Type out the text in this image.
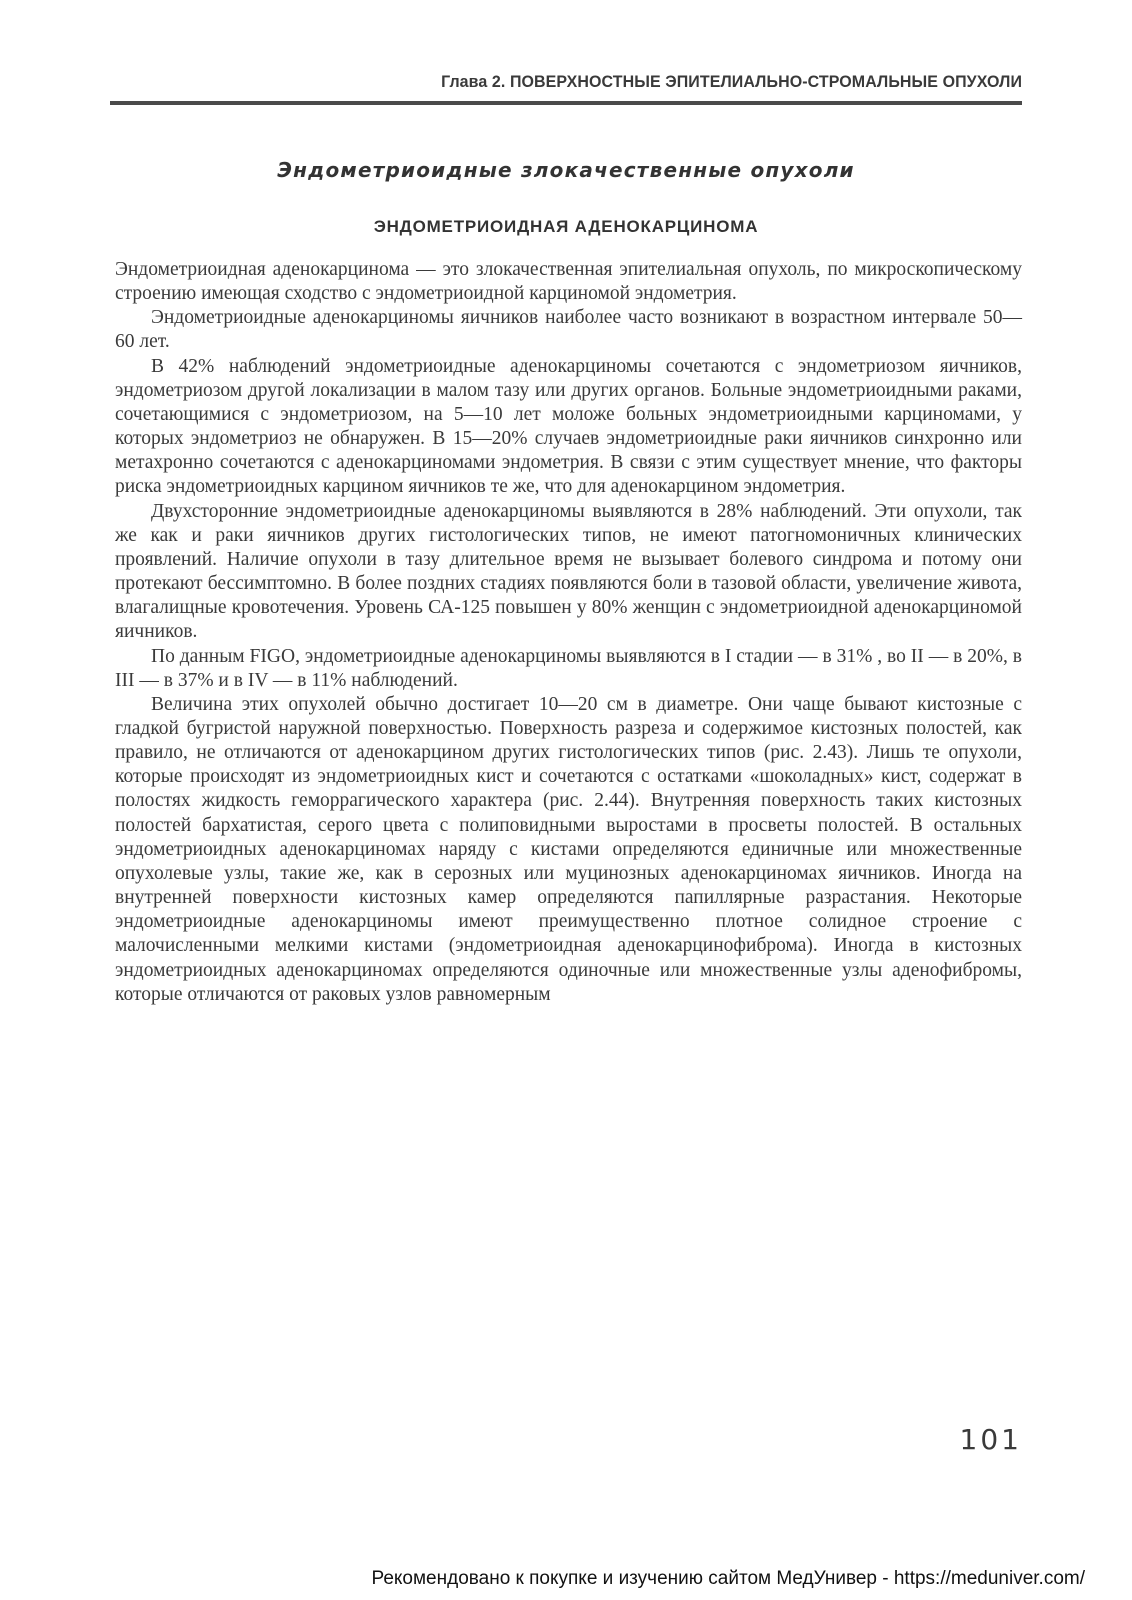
Глава 2. ПОВЕРХНОСТНЫЕ ЭПИТЕЛИАЛЬНО-СТРОМАЛЬНЫЕ ОПУХОЛИ
Эндометриоидные злокачественные опухоли
ЭНДОМЕТРИОИДНАЯ АДЕНОКАРЦИНОМА

Эндометриоидная аденокарцинома — это злокачественная эпителиальная опухоль, по микроскопическому строению имеющая сходство с эндометриоидной карциномой эндометрия.

Эндометриоидные аденокарциномы яичников наиболее часто возникают в возрастном интервале 50—60 лет.

В 42% наблюдений эндометриоидные аденокарциномы сочетаются с эндометриозом яичников, эндометриозом другой локализации в малом тазу или других органов. Больные эндометриоидными раками, сочетающимися с эндометриозом, на 5—10 лет моложе больных эндометриоидными карциномами, у которых эндометриоз не обнаружен. В 15—20% случаев эндометриоидные раки яичников синхронно или метахронно сочетаются с аденокарциномами эндометрия. В связи с этим существует мнение, что факторы риска эндометриоидных карцином яичников те же, что для аденокарцином эндометрия.

Двухсторонние эндометриоидные аденокарциномы выявляются в 28% наблюдений. Эти опухоли, так же как и раки яичников других гистологических типов, не имеют патогномоничных клинических проявлений. Наличие опухоли в тазу длительное время не вызывает болевого синдрома и потому они протекают бессимптомно. В более поздних стадиях появляются боли в тазовой области, увеличение живота, влагалищные кровотечения. Уровень СА-125 повышен у 80% женщин с эндометриоидной аденокарциномой яичников.

По данным FIGO, эндометриоидные аденокарциномы выявляются в I стадии — в 31% , во II — в 20%, в III — в 37% и в IV — в 11% наблюдений.

Величина этих опухолей обычно достигает 10—20 см в диаметре. Они чаще бывают кистозные с гладкой бугристой наружной поверхностью. Поверхность разреза и содержимое кистозных полостей, как правило, не отличаются от аденокарцином других гистологических типов (рис. 2.43). Лишь те опухоли, которые происходят из эндометриоидных кист и сочетаются с остатками «шоколадных» кист, содержат в полостях жидкость геморрагического характера (рис. 2.44). Внутренняя поверхность таких кистозных полостей бархатистая, серого цвета с полиповидными выростами в просветы полостей. В остальных эндометриоидных аденокарциномах наряду с кистами определяются единичные или множественные опухолевые узлы, такие же, как в серозных или муцинозных аденокарциномах яичников. Иногда на внутренней поверхности кистозных камер определяются папиллярные разрастания. Некоторые эндометриоидные аденокарциномы имеют преимущественно плотное солидное строение с малочисленными мелкими кистами (эндометриоидная аденокарцинофиброма). Иногда в кистозных эндометриоидных аденокарциномах определяются одиночные или множественные узлы аденофибромы, которые отличаются от раковых узлов равномерным

101
Рекомендовано к покупке и изучению сайтом МедУнивер - https://meduniver.com/
